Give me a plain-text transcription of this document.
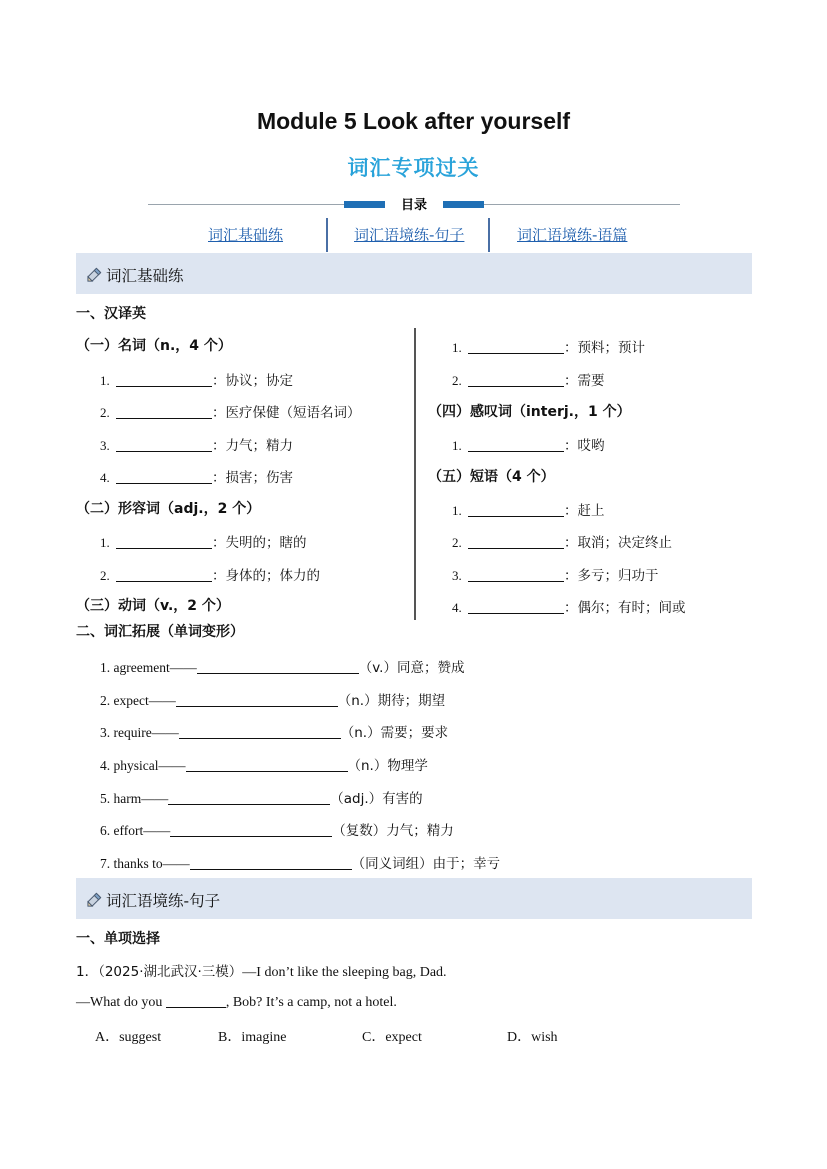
Module 5 Look after yourself
词汇专项过关
目录
词汇基础练	词汇语境练-句子	词汇语境练-语篇
词汇基础练
一、汉译英
（一）名词（n.，4 个）
1.	：协议；协定
2.	：医疗保健（短语名词）
3.	：力气；精力
4.	：损害；伤害
（二）形容词（adj.，2 个）
1.	：失明的；瞎的
2.	：身体的；体力的
（三）动词（v.，2 个）
1.	：预料；预计
2.	：需要
（四）感叹词（interj.，1 个）
1.	：哎哟
（五）短语（4 个）
1.	：赶上
2.	：取消；决定终止
3.	：多亏；归功于
4.	：偶尔；有时；间或
二、词汇拓展（单词变形）
1. agreement——	（v.）同意；赞成
2. expect——	（n.）期待；期望
3. require——	（n.）需要；要求
4. physical——	（n.）物理学
5. harm——	（adj.）有害的
6. effort——	（复数）力气；精力
7. thanks to——	（同义词组）由于；幸亏
词汇语境练-句子
一、单项选择
1．（2025·湖北武汉·三模）—I don’t like the sleeping bag, Dad.
—What do you	, Bob? It’s a camp, not a hotel.
A．suggest	B．imagine	C．expect	D．wish
